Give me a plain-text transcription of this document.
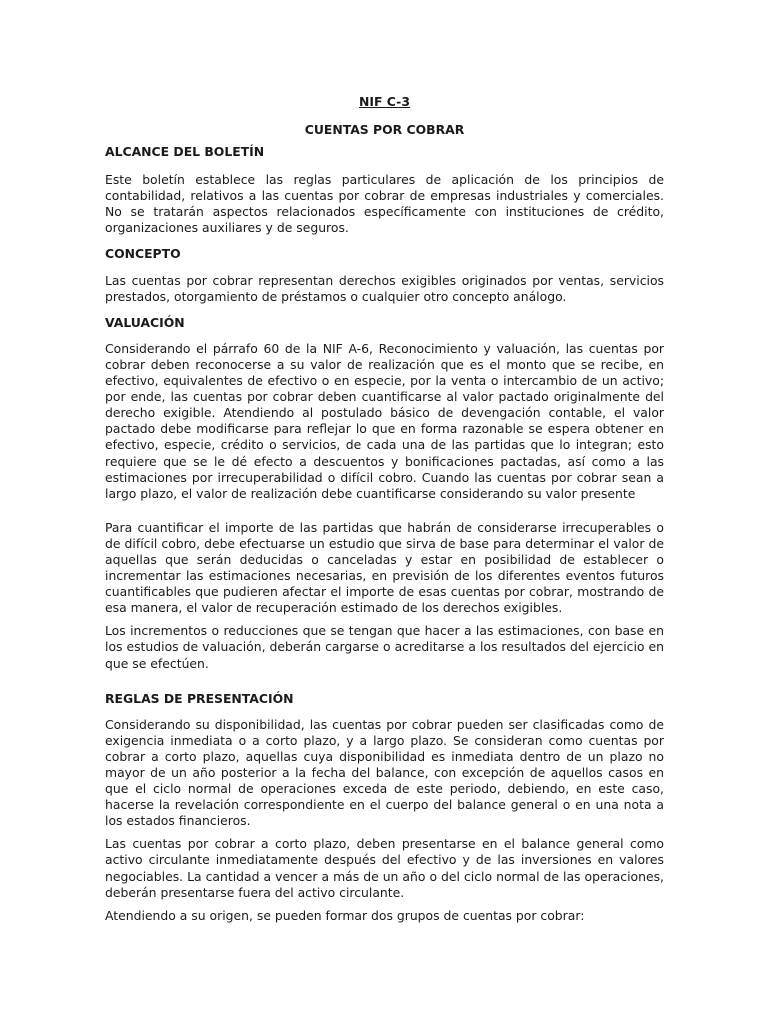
NIF C-3
CUENTAS POR COBRAR
ALCANCE DEL BOLETÍN

Este boletín establece las reglas particulares de aplicación de los principios de contabilidad, relativos a las cuentas por cobrar de empresas industriales y comerciales. No se tratarán aspectos relacionados específicamente con instituciones de crédito, organizaciones auxiliares y de seguros.

CONCEPTO

Las cuentas por cobrar representan derechos exigibles originados por ventas, servicios prestados, otorgamiento de préstamos o cualquier otro concepto análogo.

VALUACIÓN

Considerando el párrafo 60 de la NIF A-6, Reconocimiento y valuación, las cuentas por cobrar deben reconocerse a su valor de realización que es el monto que se recibe, en efectivo, equivalentes de efectivo o en especie, por la venta o intercambio de un activo; por ende, las cuentas por cobrar deben cuantificarse al valor pactado originalmente del derecho exigible. Atendiendo al postulado básico de devengación contable, el valor pactado debe modificarse para reflejar lo que en forma razonable se espera obtener en efectivo, especie, crédito o servicios, de cada una de las partidas que lo integran; esto requiere que se le dé efecto a descuentos y bonificaciones pactadas, así como a las estimaciones por irrecuperabilidad o difícil cobro. Cuando las cuentas por cobrar sean a largo plazo, el valor de realización debe cuantificarse considerando su valor presente

Para cuantificar el importe de las partidas que habrán de considerarse irrecuperables o de difícil cobro, debe efectuarse un estudio que sirva de base para determinar el valor de aquellas que serán deducidas o canceladas y estar en posibilidad de establecer o incrementar las estimaciones necesarias, en previsión de los diferentes eventos futuros cuantificables que pudieren afectar el importe de esas cuentas por cobrar, mostrando de esa manera, el valor de recuperación estimado de los derechos exigibles.

Los incrementos o reducciones que se tengan que hacer a las estimaciones, con base en los estudios de valuación, deberán cargarse o acreditarse a los resultados del ejercicio en que se efectúen.

REGLAS DE PRESENTACIÓN

Considerando su disponibilidad, las cuentas por cobrar pueden ser clasificadas como de exigencia inmediata o a corto plazo, y a largo plazo. Se consideran como cuentas por cobrar a corto plazo, aquellas cuya disponibilidad es inmediata dentro de un plazo no mayor de un año posterior a la fecha del balance, con excepción de aquellos casos en que el ciclo normal de operaciones exceda de este periodo, debiendo, en este caso, hacerse la revelación correspondiente en el cuerpo del balance general o en una nota a los estados financieros.

Las cuentas por cobrar a corto plazo, deben presentarse en el balance general como activo circulante inmediatamente después del efectivo y de las inversiones en valores negociables. La cantidad a vencer a más de un año o del ciclo normal de las operaciones, deberán presentarse fuera del activo circulante.

Atendiendo a su origen, se pueden formar dos grupos de cuentas por cobrar:
